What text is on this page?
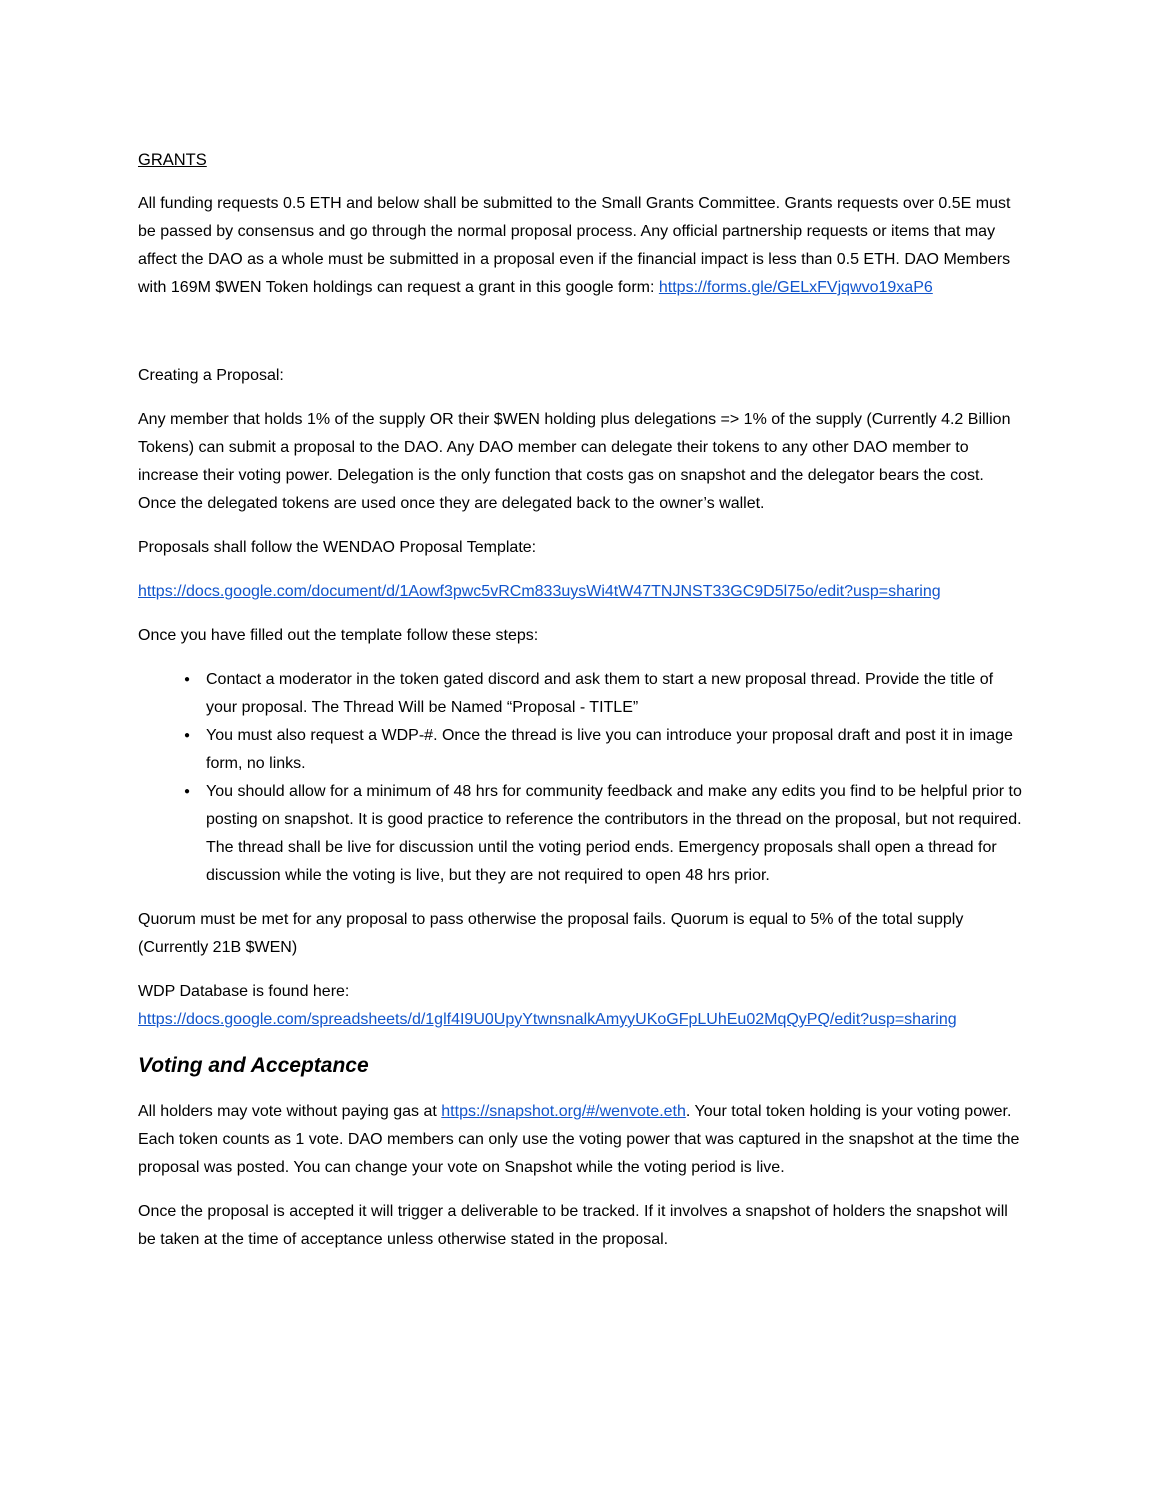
GRANTS

All funding requests 0.5 ETH and below shall be submitted to the Small Grants Committee. Grants requests over 0.5E must be passed by consensus and go through the normal proposal process. Any official partnership requests or items that may affect the DAO as a whole must be submitted in a proposal even if the financial impact is less than 0.5 ETH. DAO Members with 169M $WEN Token holdings can request a grant in this google form: https://forms.gle/GELxFVjqwvo19xaP6

Creating a Proposal:

Any member that holds 1% of the supply OR their $WEN holding plus delegations => 1% of the supply (Currently 4.2 Billion Tokens) can submit a proposal to the DAO. Any DAO member can delegate their tokens to any other DAO member to increase their voting power. Delegation is the only function that costs gas on snapshot and the delegator bears the cost. Once the delegated tokens are used once they are delegated back to the owner’s wallet.

Proposals shall follow the WENDAO Proposal Template:

https://docs.google.com/document/d/1Aowf3pwc5vRCm833uysWi4tW47TNJNST33GC9D5l75o/edit?usp=sharing

Once you have filled out the template follow these steps:

● Contact a moderator in the token gated discord and ask them to start a new proposal thread. Provide the title of your proposal. The Thread Will be Named “Proposal - TITLE”
● You must also request a WDP-#. Once the thread is live you can introduce your proposal draft and post it in image form, no links.
● You should allow for a minimum of 48 hrs for community feedback and make any edits you find to be helpful prior to posting on snapshot. It is good practice to reference the contributors in the thread on the proposal, but not required. The thread shall be live for discussion until the voting period ends. Emergency proposals shall open a thread for discussion while the voting is live, but they are not required to open 48 hrs prior.

Quorum must be met for any proposal to pass otherwise the proposal fails. Quorum is equal to 5% of the total supply (Currently 21B $WEN)

WDP Database is found here:
https://docs.google.com/spreadsheets/d/1glf4I9U0UpyYtwnsnalkAmyyUKoGFpLUhEu02MqQyPQ/edit?usp=sharing

Voting and Acceptance

All holders may vote without paying gas at https://snapshot.org/#/wenvote.eth. Your total token holding is your voting power. Each token counts as 1 vote. DAO members can only use the voting power that was captured in the snapshot at the time the proposal was posted. You can change your vote on Snapshot while the voting period is live.

Once the proposal is accepted it will trigger a deliverable to be tracked. If it involves a snapshot of holders the snapshot will be taken at the time of acceptance unless otherwise stated in the proposal.
